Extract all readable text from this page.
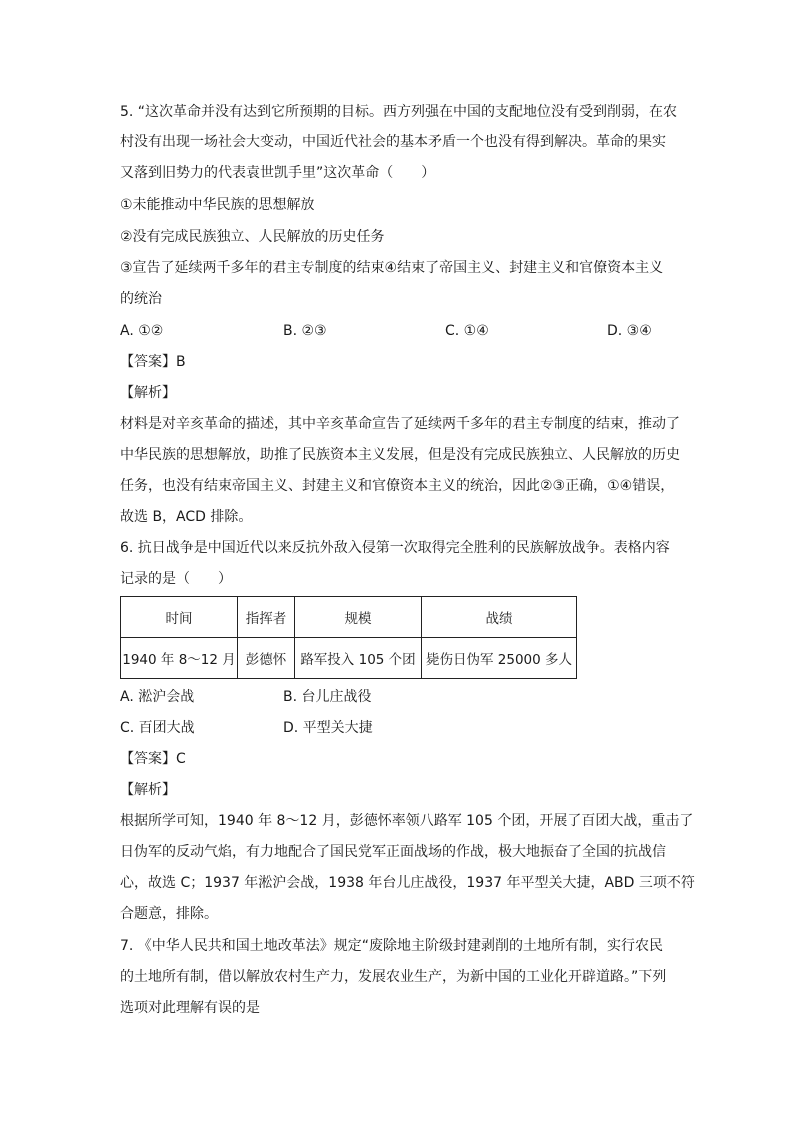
5. “这次革命并没有达到它所预期的目标。西方列强在中国的支配地位没有受到削弱，在农
村没有出现一场社会大变动，中国近代社会的基本矛盾一个也没有得到解决。革命的果实
又落到旧势力的代表袁世凯手里”这次革命（　　）
①未能推动中华民族的思想解放
②没有完成民族独立、人民解放的历史任务
③宣告了延续两千多年的君主专制度的结束④结束了帝国主义、封建主义和官僚资本主义
的统治
A. ①②	B. ②③	C. ①④	D. ③④
【答案】B
【解析】
材料是对辛亥革命的描述，其中辛亥革命宣告了延续两千多年的君主专制度的结束，推动了
中华民族的思想解放，助推了民族资本主义发展，但是没有完成民族独立、人民解放的历史
任务，也没有结束帝国主义、封建主义和官僚资本主义的统治，因此②③正确，①④错误，
故选 B，ACD 排除。
6. 抗日战争是中国近代以来反抗外敌入侵第一次取得完全胜利的民族解放战争。表格内容
记录的是（　　）
时间	指挥者	规模	战绩
1940 年 8～12 月	彭德怀	路军投入 105 个团	毙伤日伪军 25000 多人
A. 淞沪会战	B. 台儿庄战役
C. 百团大战	D. 平型关大捷
【答案】C
【解析】
根据所学可知，1940 年 8～12 月，彭德怀率领八路军 105 个团，开展了百团大战，重击了
日伪军的反动气焰，有力地配合了国民党军正面战场的作战，极大地振奋了全国的抗战信
心，故选 C；1937 年淞沪会战，1938 年台儿庄战役，1937 年平型关大捷，ABD 三项不符
合题意，排除。
7. 《中华人民共和国土地改革法》规定“废除地主阶级封建剥削的土地所有制，实行农民
的土地所有制，借以解放农村生产力，发展农业生产，为新中国的工业化开辟道路。”下列
选项对此理解有误的是
